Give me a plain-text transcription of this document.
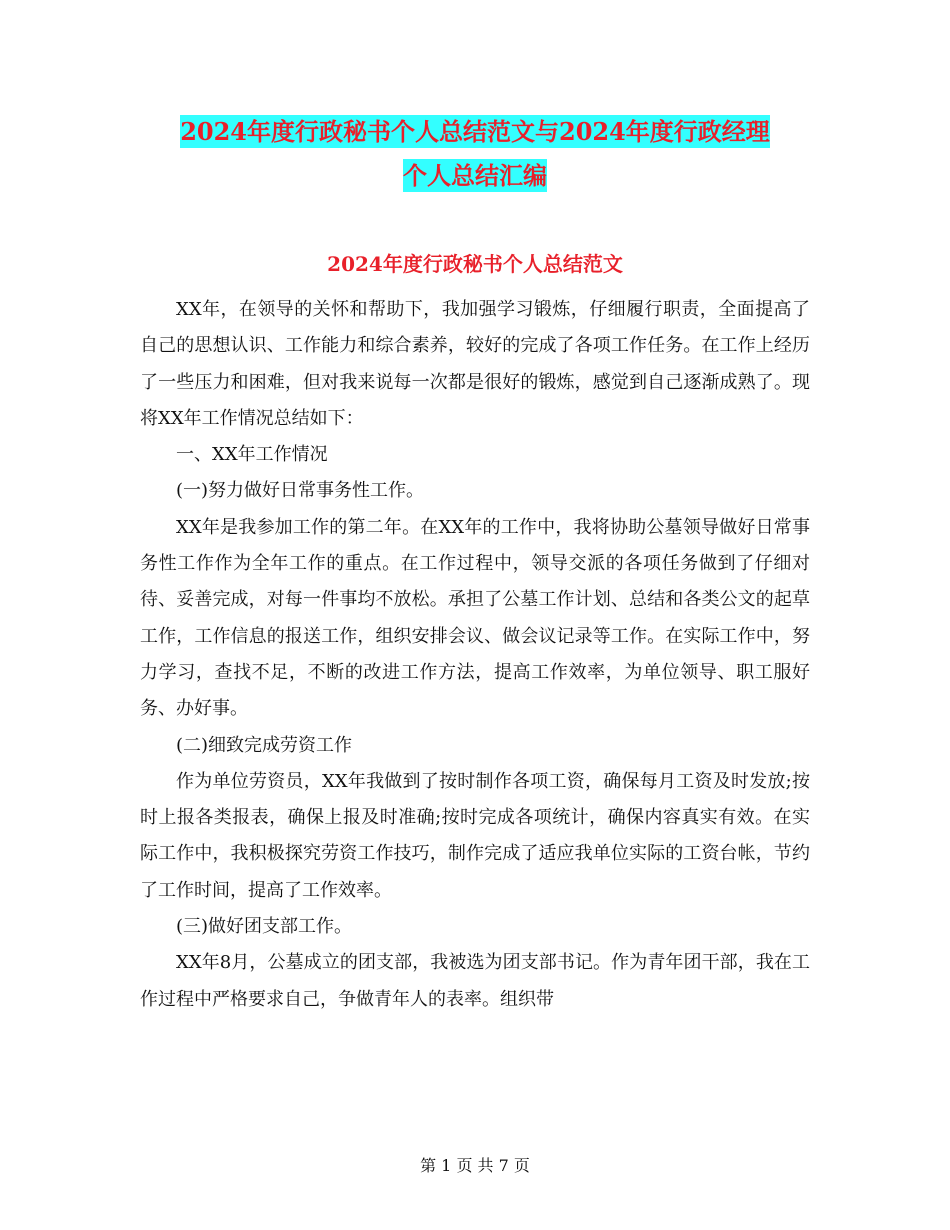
2024年度行政秘书个人总结范文与2024年度行政经理
个人总结汇编
2024年度行政秘书个人总结范文

XX年，在领导的关怀和帮助下，我加强学习锻炼，仔细履行职责，全面提高了自己的思想认识、工作能力和综合素养，较好的完成了各项工作任务。在工作上经历了一些压力和困难，但对我来说每一次都是很好的锻炼，感觉到自己逐渐成熟了。现将XX年工作情况总结如下：

一、XX年工作情况

(一)努力做好日常事务性工作。

XX年是我参加工作的第二年。在XX年的工作中，我将协助公墓领导做好日常事务性工作作为全年工作的重点。在工作过程中，领导交派的各项任务做到了仔细对待、妥善完成，对每一件事均不放松。承担了公墓工作计划、总结和各类公文的起草工作，工作信息的报送工作，组织安排会议、做会议记录等工作。在实际工作中，努力学习，查找不足，不断的改进工作方法，提高工作效率，为单位领导、职工服好务、办好事。

(二)细致完成劳资工作

作为单位劳资员，XX年我做到了按时制作各项工资，确保每月工资及时发放;按时上报各类报表，确保上报及时准确;按时完成各项统计，确保内容真实有效。在实际工作中，我积极探究劳资工作技巧，制作完成了适应我单位实际的工资台帐，节约了工作时间，提高了工作效率。

(三)做好团支部工作。

XX年8月，公墓成立的团支部，我被选为团支部书记。作为青年团干部，我在工作过程中严格要求自己，争做青年人的表率。组织带

第 1 页 共 7 页
